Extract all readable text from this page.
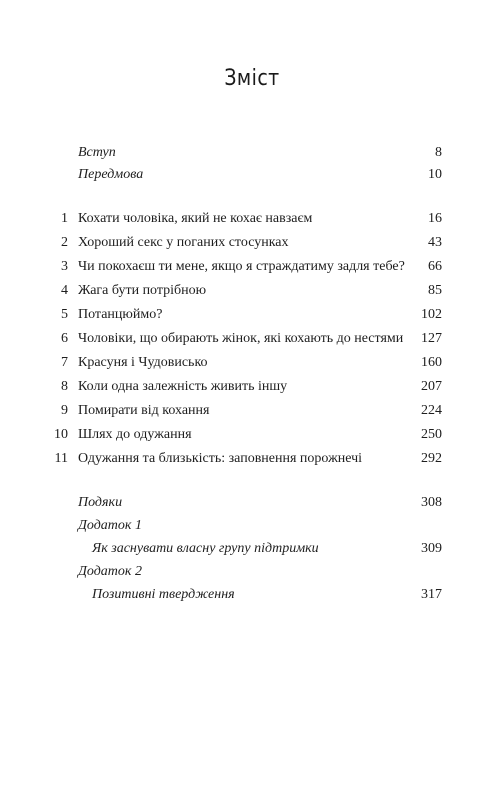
Зміст
Вступ	8
Передмова	10
1 Кохати чоловіка, який не кохає навзаєм	16
2 Хороший секс у поганих стосунках	43
3 Чи покохаєш ти мене, якщо я страждатиму задля тебе? 66
4 Жага бути потрібною	85
5 Потанцюймо?	102
6 Чоловіки, що обирають жінок, які кохають до нестями 127
7 Красуня і Чудовисько	160
8 Коли одна залежність живить іншу	207
9 Помирати від кохання	224
10 Шлях до одужання	250
11 Одужання та близькість: заповнення порожнечі	292
Подяки	308
Додаток 1
Як заснувати власну групу підтримки	309
Додаток 2
Позитивні твердження	317
